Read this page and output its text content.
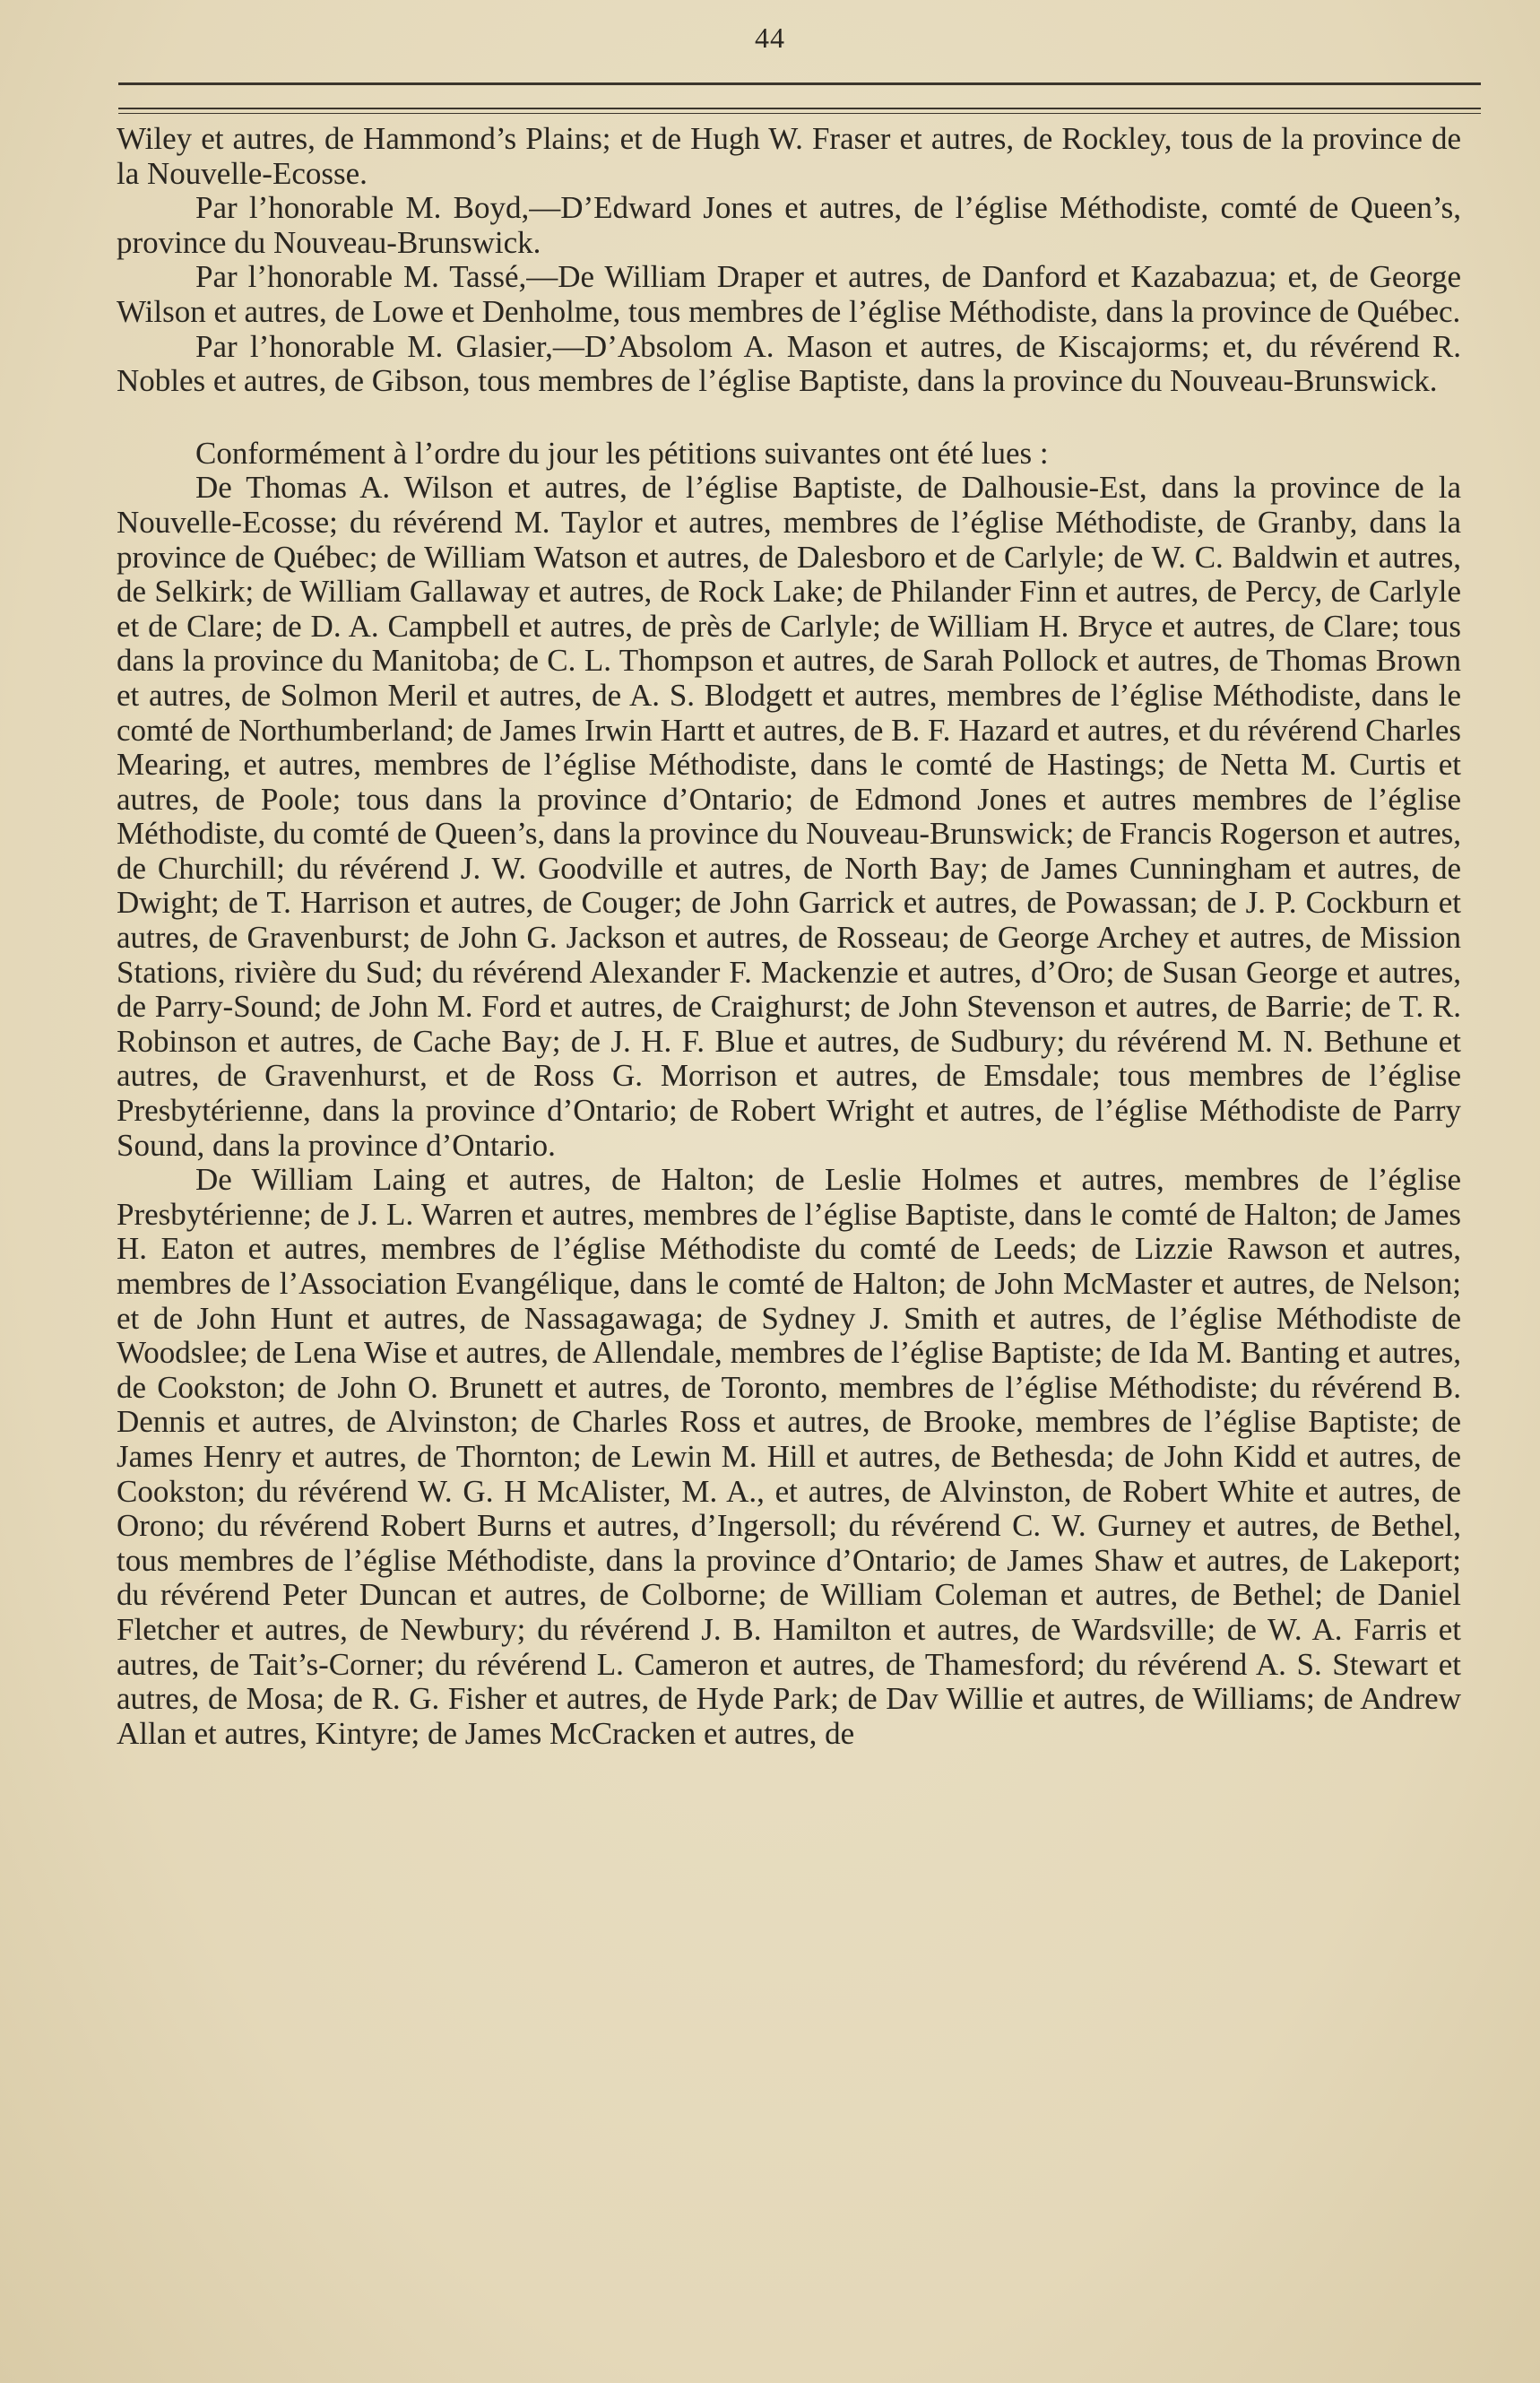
44

Wiley et autres, de Hammond’s Plains; et de Hugh W. Fraser et autres, de Rockley, tous de la province de la Nouvelle-Ecosse.

Par l’honorable M. Boyd,—D’Edward Jones et autres, de l’église Méthodiste, comté de Queen’s, province du Nouveau-Brunswick.

Par l’honorable M. Tassé,—De William Draper et autres, de Danford et Kazabazua; et, de George Wilson et autres, de Lowe et Denholme, tous membres de l’église Méthodiste, dans la province de Québec.

Par l’honorable M. Glasier,—D’Absolom A. Mason et autres, de Kiscajorms; et, du révérend R. Nobles et autres, de Gibson, tous membres de l’église Baptiste, dans la province du Nouveau-Brunswick.

Conformément à l’ordre du jour les pétitions suivantes ont été lues :

De Thomas A. Wilson et autres, de l’église Baptiste, de Dalhousie-Est, dans la province de la Nouvelle-Ecosse; du révérend M. Taylor et autres, membres de l’église Méthodiste, de Granby, dans la province de Québec; de William Watson et autres, de Dalesboro et de Carlyle; de W. C. Baldwin et autres, de Selkirk; de William Gallaway et autres, de Rock Lake; de Philander Finn et autres, de Percy, de Carlyle et de Clare; de D. A. Campbell et autres, de près de Carlyle; de William H. Bryce et autres, de Clare; tous dans la province du Manitoba; de C. L. Thompson et autres, de Sarah Pollock et autres, de Thomas Brown et autres, de Solmon Meril et autres, de A. S. Blodgett et autres, membres de l’église Méthodiste, dans le comté de Northumberland; de James Irwin Hartt et autres, de B. F. Hazard et autres, et du révérend Charles Mearing, et autres, membres de l’église Méthodiste, dans le comté de Hastings; de Netta M. Curtis et autres, de Poole; tous dans la province d’Ontario; de Edmond Jones et autres membres de l’église Méthodiste, du comté de Queen’s, dans la province du Nouveau-Brunswick; de Francis Rogerson et autres, de Churchill; du révérend J. W. Goodville et autres, de North Bay; de James Cunningham et autres, de Dwight; de T. Harrison et autres, de Couger; de John Garrick et autres, de Powassan; de J. P. Cockburn et autres, de Gravenburst; de John G. Jackson et autres, de Rosseau; de George Archey et autres, de Mission Stations, rivière du Sud; du révérend Alexander F. Mackenzie et autres, d’Oro; de Susan George et autres, de Parry-Sound; de John M. Ford et autres, de Craighurst; de John Stevenson et autres, de Barrie; de T. R. Robinson et autres, de Cache Bay; de J. H. F. Blue et autres, de Sudbury; du révérend M. N. Bethune et autres, de Gravenhurst, et de Ross G. Morrison et autres, de Emsdale; tous membres de l’église Presbytérienne, dans la province d’Ontario; de Robert Wright et autres, de l’église Méthodiste de Parry Sound, dans la province d’Ontario.

De William Laing et autres, de Halton; de Leslie Holmes et autres, membres de l’église Presbytérienne; de J. L. Warren et autres, membres de l’église Baptiste, dans le comté de Halton; de James H. Eaton et autres, membres de l’église Méthodiste du comté de Leeds; de Lizzie Rawson et autres, membres de l’Association Evangélique, dans le comté de Halton; de John McMaster et autres, de Nelson; et de John Hunt et autres, de Nassagawaga; de Sydney J. Smith et autres, de l’église Méthodiste de Woodslee; de Lena Wise et autres, de Allendale, membres de l’église Baptiste; de Ida M. Banting et autres, de Cookston; de John O. Brunett et autres, de Toronto, membres de l’église Méthodiste; du révérend B. Dennis et autres, de Alvinston; de Charles Ross et autres, de Brooke, membres de l’église Baptiste; de James Henry et autres, de Thornton; de Lewin M. Hill et autres, de Bethesda; de John Kidd et autres, de Cookston; du révérend W. G. H McAlister, M. A., et autres, de Alvinston, de Robert White et autres, de Orono; du révérend Robert Burns et autres, d’Ingersoll; du révérend C. W. Gurney et autres, de Bethel, tous membres de l’église Méthodiste, dans la province d’Ontario; de James Shaw et autres, de Lakeport; du révérend Peter Duncan et autres, de Colborne; de William Coleman et autres, de Bethel; de Daniel Fletcher et autres, de Newbury; du révérend J. B. Hamilton et autres, de Wardsville; de W. A. Farris et autres, de Tait’s-Corner; du révérend L. Cameron et autres, de Thamesford; du révérend A. S. Stewart et autres, de Mosa; de R. G. Fisher et autres, de Hyde Park; de Dav Willie et autres, de Williams; de Andrew Allan et autres, Kintyre; de James McCracken et autres, de
